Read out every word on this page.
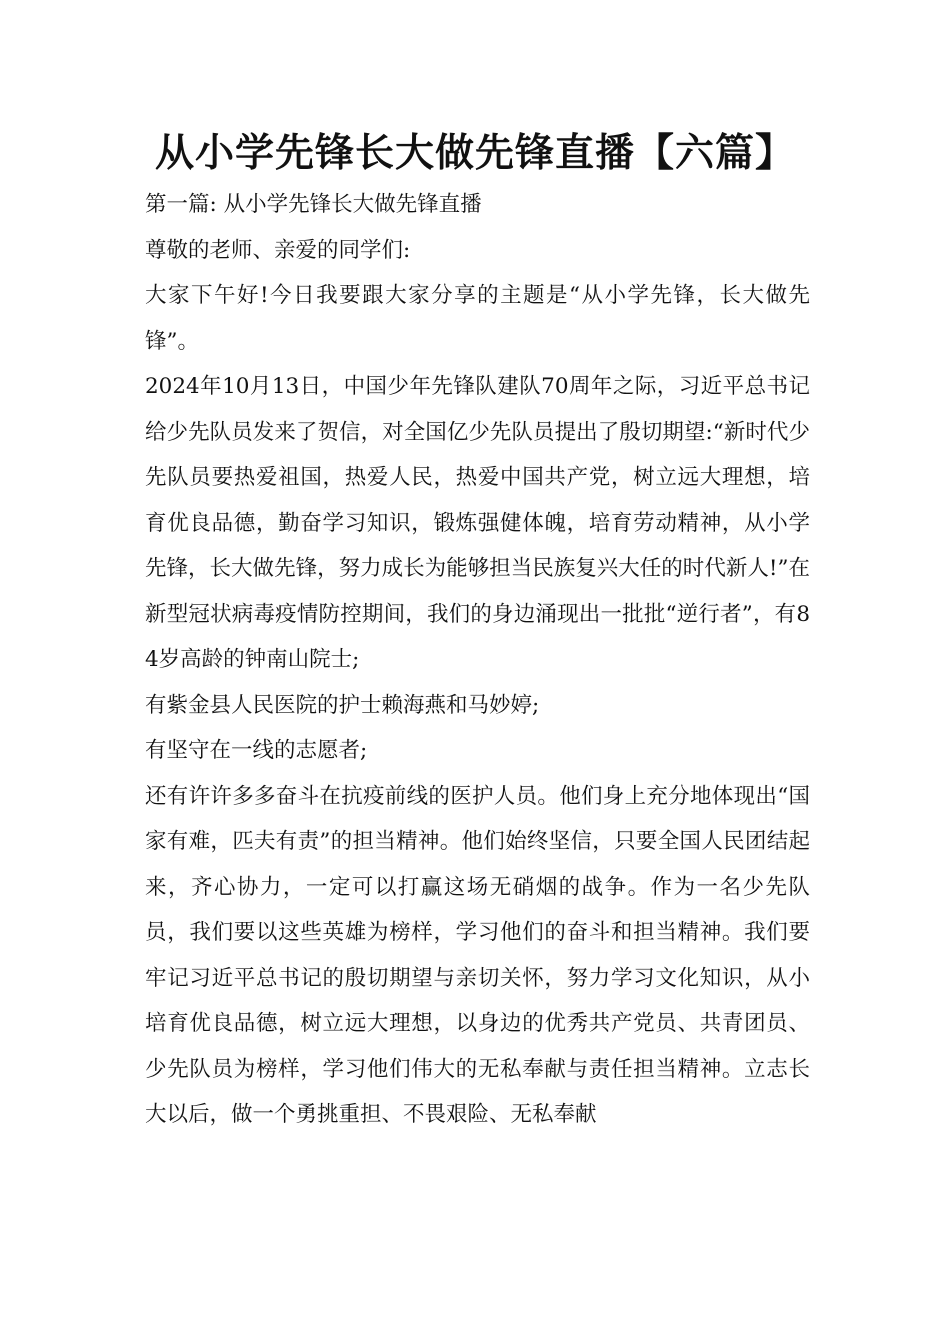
从小学先锋长大做先锋直播【六篇】

第一篇: 从小学先锋长大做先锋直播

尊敬的老师、亲爱的同学们:

大家下午好!今日我要跟大家分享的主题是“从小学先锋，长大做先锋”。

2024年10月13日，中国少年先锋队建队70周年之际，习近平总书记给少先队员发来了贺信，对全国亿少先队员提出了殷切期望:“新时代少先队员要热爱祖国，热爱人民，热爱中国共产党，树立远大理想，培育优良品德，勤奋学习知识，锻炼强健体魄，培育劳动精神，从小学先锋，长大做先锋，努力成长为能够担当民族复兴大任的时代新人!”在新型冠状病毒疫情防控期间，我们的身边涌现出一批批“逆行者”，有84岁高龄的钟南山院士;

有紫金县人民医院的护士赖海燕和马妙婷;

有坚守在一线的志愿者;

还有许许多多奋斗在抗疫前线的医护人员。他们身上充分地体现出“国家有难，匹夫有责”的担当精神。他们始终坚信，只要全国人民团结起来，齐心协力，一定可以打赢这场无硝烟的战争。作为一名少先队员，我们要以这些英雄为榜样，学习他们的奋斗和担当精神。我们要牢记习近平总书记的殷切期望与亲切关怀，努力学习文化知识，从小培育优良品德，树立远大理想，以身边的优秀共产党员、共青团员、少先队员为榜样，学习他们伟大的无私奉献与责任担当精神。立志长大以后，做一个勇挑重担、不畏艰险、无私奉献
